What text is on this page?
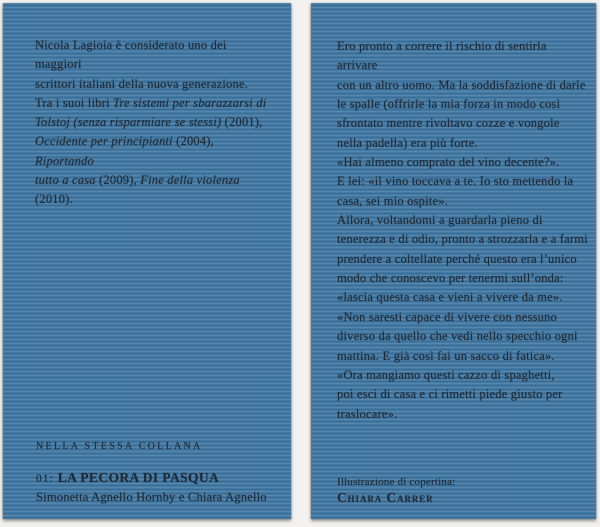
Nicola Lagioia è considerato uno dei maggiori
scrittori italiani della nuova generazione.
Tra i suoi libri Tre sistemi per sbarazzarsi di
Tolstoj (senza risparmiare se stessi) (2001),
Occidente per principianti (2004), Riportando
tutto a casa (2009), Fine della violenza (2010).
NELLA STESSA COLLANA
01: LA PECORA DI PASQUA
Simonetta Agnello Hornby e Chiara Agnello
Ero pronto a correre il rischio di sentirla arrivare
con un altro uomo. Ma la soddisfazione di darle
le spalle (offrirle la mia forza in modo così
sfrontato mentre rivoltavo cozze e vongole
nella padella) era più forte.
«Hai almeno comprato del vino decente?».
E lei: «il vino toccava a te. Io sto mettendo la
casa, sei mio ospite».
Allora, voltandomi a guardarla pieno di
tenerezza e di odio, pronto a strozzarla e a farmi
prendere a coltellate perché questo era l’unico
modo che conoscevo per tenermi sull’onda:
«lascia questa casa e vieni a vivere da me».
«Non saresti capace di vivere con nessuno
diverso da quello che vedi nello specchio ogni
mattina. E già così fai un sacco di fatica».
«Ora mangiamo questi cazzo di spaghetti,
poi esci di casa e ci rimetti piede giusto per
traslocare».
Illustrazione di copertina:
Chiara Carrer
